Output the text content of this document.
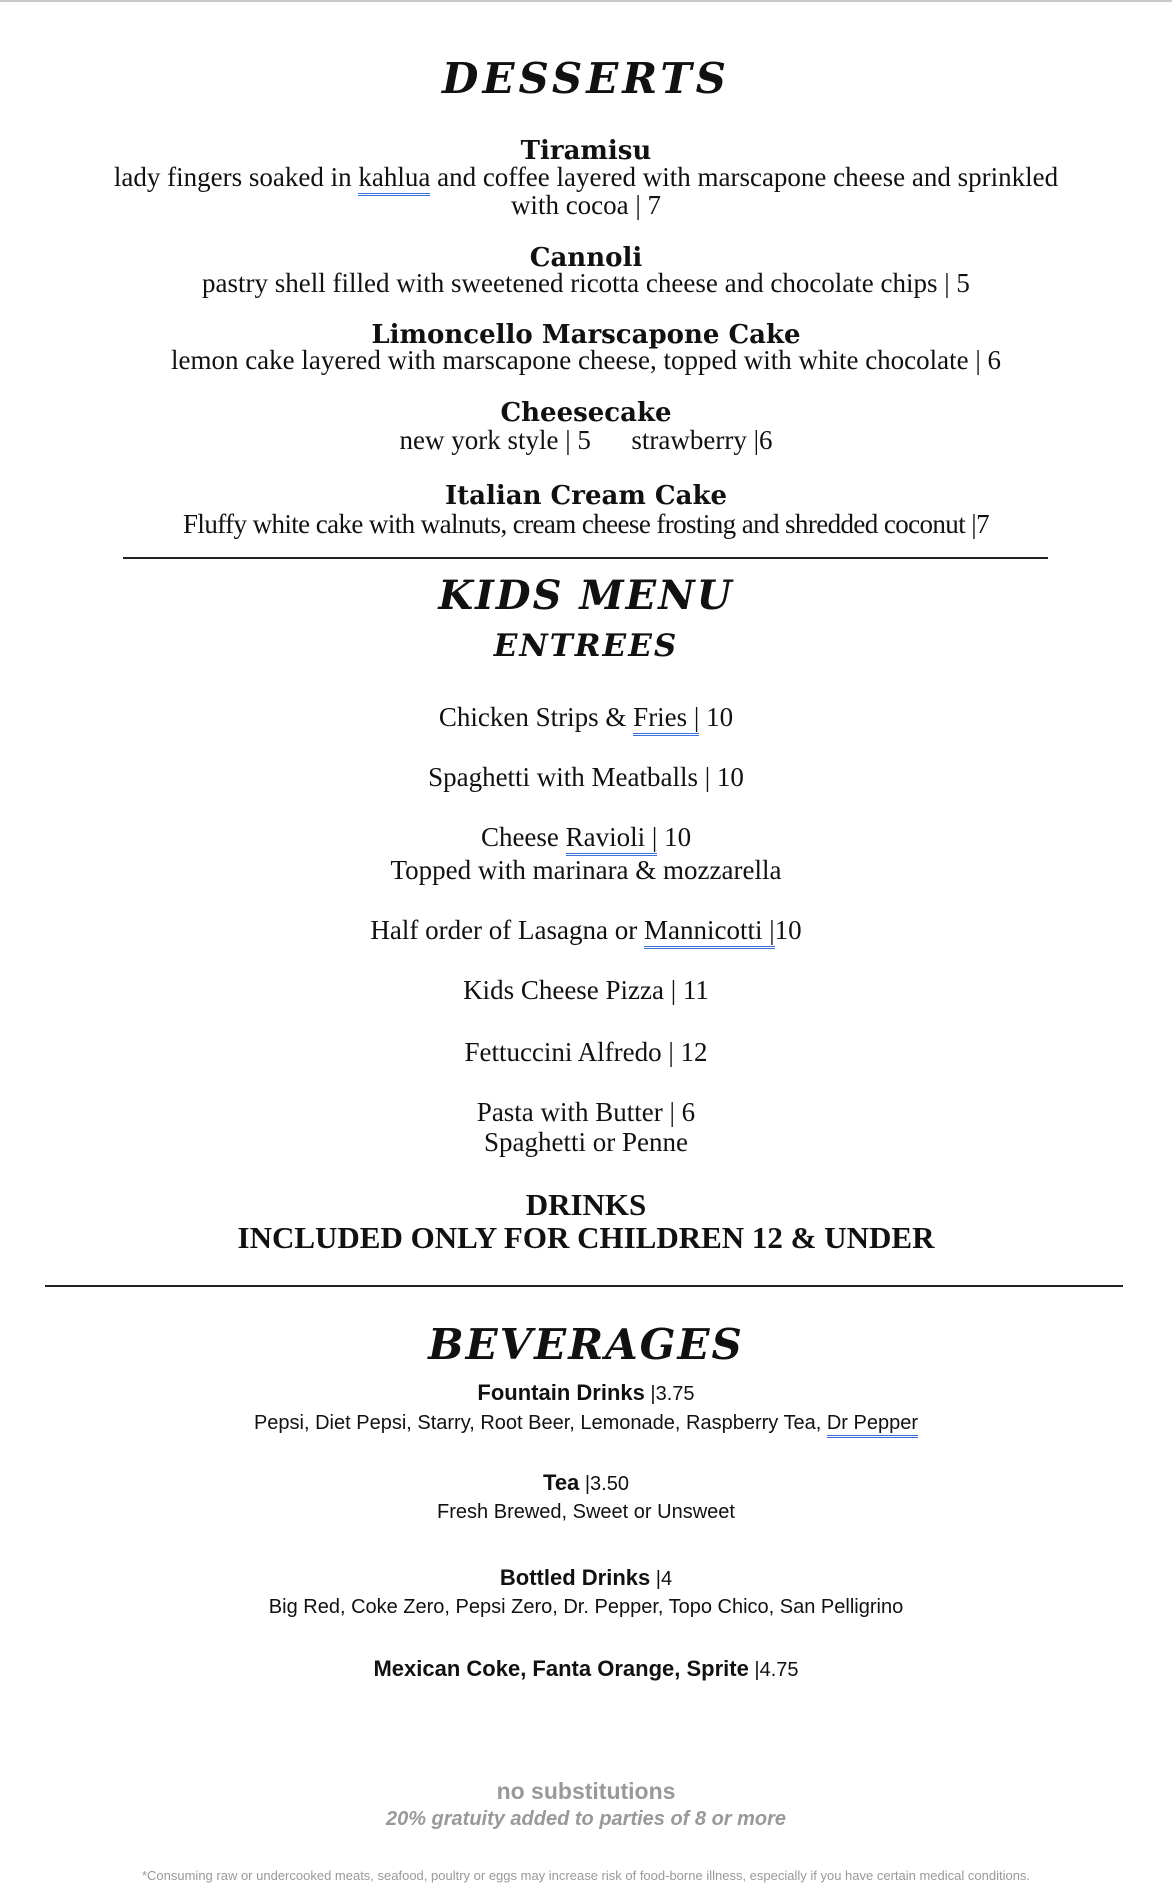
DESSERTS
Tiramisu
lady fingers soaked in kahlua and coffee layered with marscapone cheese and sprinkled
with cocoa | 7
Cannoli
pastry shell filled with sweetened ricotta cheese and chocolate chips | 5
Limoncello Marscapone Cake
lemon cake layered with marscapone cheese, topped with white chocolate | 6
Cheesecake
new york style | 5      strawberry |6
Italian Cream Cake
Fluffy white cake with walnuts, cream cheese frosting and shredded coconut |7
KIDS MENU
ENTREES
Chicken Strips & Fries | 10
Spaghetti with Meatballs | 10
Cheese Ravioli | 10
Topped with marinara & mozzarella
Half order of Lasagna or Mannicotti |10
Kids Cheese Pizza | 11
Fettuccini Alfredo | 12
Pasta with Butter | 6
Spaghetti or Penne
DRINKS
INCLUDED ONLY FOR CHILDREN 12 & UNDER
BEVERAGES
Fountain Drinks |3.75
Pepsi, Diet Pepsi, Starry, Root Beer, Lemonade, Raspberry Tea, Dr Pepper
Tea |3.50
Fresh Brewed, Sweet or Unsweet
Bottled Drinks |4
Big Red, Coke Zero, Pepsi Zero, Dr. Pepper, Topo Chico, San Pelligrino
Mexican Coke, Fanta Orange, Sprite |4.75
no substitutions
20% gratuity added to parties of 8 or more
*Consuming raw or undercooked meats, seafood, poultry or eggs may increase risk of food-borne illness, especially if you have certain medical conditions.
